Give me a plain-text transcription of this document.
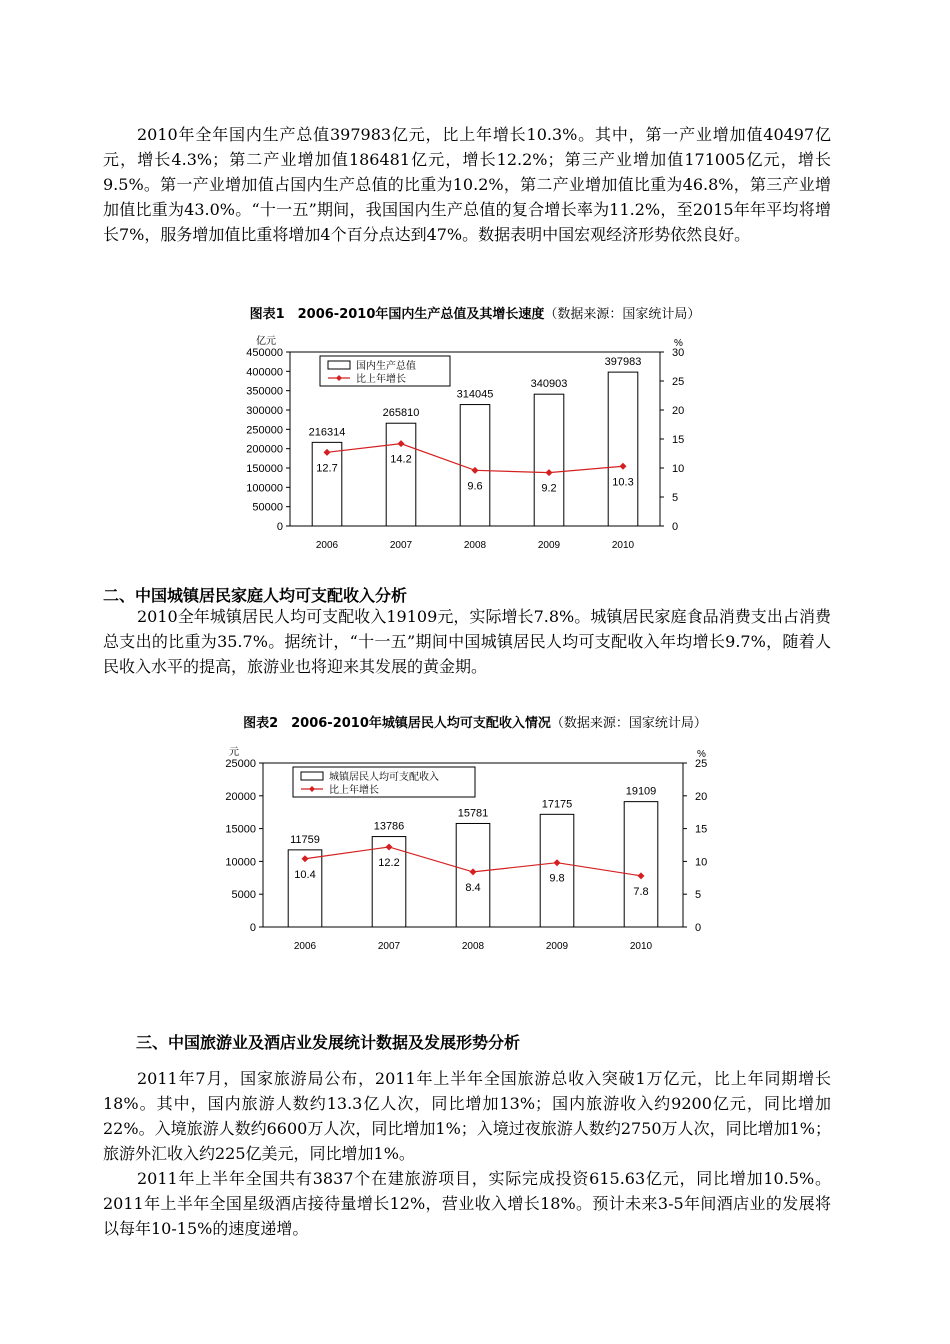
2010年全年国内生产总值397983亿元，比上年增长10.3%。其中，第一产业增加值40497亿元，增长4.3%；第二产业增加值186481亿元，增长12.2%；第三产业增加值171005亿元，增长9.5%。第一产业增加值占国内生产总值的比重为10.2%，第二产业增加值比重为46.8%，第三产业增加值比重为43.0%。“十一五”期间，我国国内生产总值的复合增长率为11.2%，至2015年年平均将增长7%，服务增加值比重将增加4个百分点达到47%。数据表明中国宏观经济形势依然良好。

图表1　2006-2010年国内生产总值及其增长速度（数据来源：国家统计局）
亿元	%
0
50000
100000
150000
200000
250000
300000
350000
400000
450000
0
5
10
15
20
25
30
216314
2006
265810
2007
314045
2008
340903
2009
397983
2010
12.7
14.2
9.6	9.2
10.3
国内生产总值
比上年增长
二、中国城镇居民家庭人均可支配收入分析

2010全年城镇居民人均可支配收入19109元，实际增长7.8%。城镇居民家庭食品消费支出占消费总支出的比重为35.7%。据统计，“十一五”期间中国城镇居民人均可支配收入年均增长9.7%，随着人民收入水平的提高，旅游业也将迎来其发展的黄金期。

图表2　2006-2010年城镇居民人均可支配收入情况（数据来源：国家统计局）
元	%
0
5000
10000
15000
20000
25000
0
5
10
15
20
25
11759
2006
13786
2007
15781
2008
17175
2009
19109
2010
10.4
12.2
8.4
9.8
7.8
城镇居民人均可支配收入
比上年增长
三、中国旅游业及酒店业发展统计数据及发展形势分析

2011年7月，国家旅游局公布，2011年上半年全国旅游总收入突破1万亿元，比上年同期增长18%。其中，国内旅游人数约13.3亿人次，同比增加13%；国内旅游收入约9200亿元，同比增加22%。入境旅游人数约6600万人次，同比增加1%；入境过夜旅游人数约2750万人次，同比增加1%；旅游外汇收入约225亿美元，同比增加1%。

2011年上半年全国共有3837个在建旅游项目，实际完成投资615.63亿元，同比增加10.5%。2011年上半年全国星级酒店接待量增长12%，营业收入增长18%。预计未来3-5年间酒店业的发展将以每年10-15%的速度递增。
